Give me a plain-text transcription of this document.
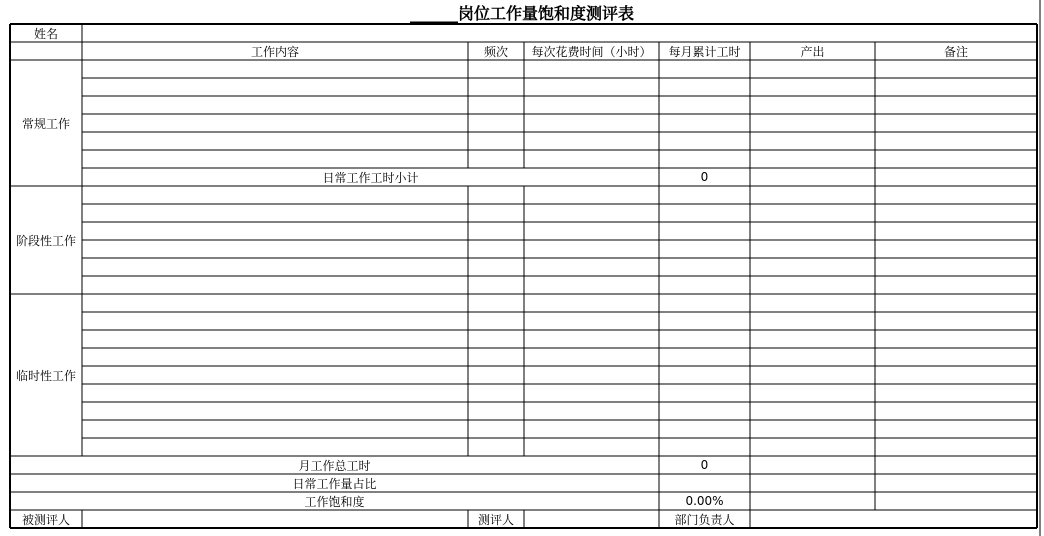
______岗位工作量饱和度测评表
姓名
工作内容	频次	每次花费时间（小时）	每月累计工时	产出	备注
常规工作
日常工作工时小计	0
阶段性工作
临时性工作
月工作总工时	0
日常工作量占比
工作饱和度	0.00%
被测评人	测评人	部门负责人
